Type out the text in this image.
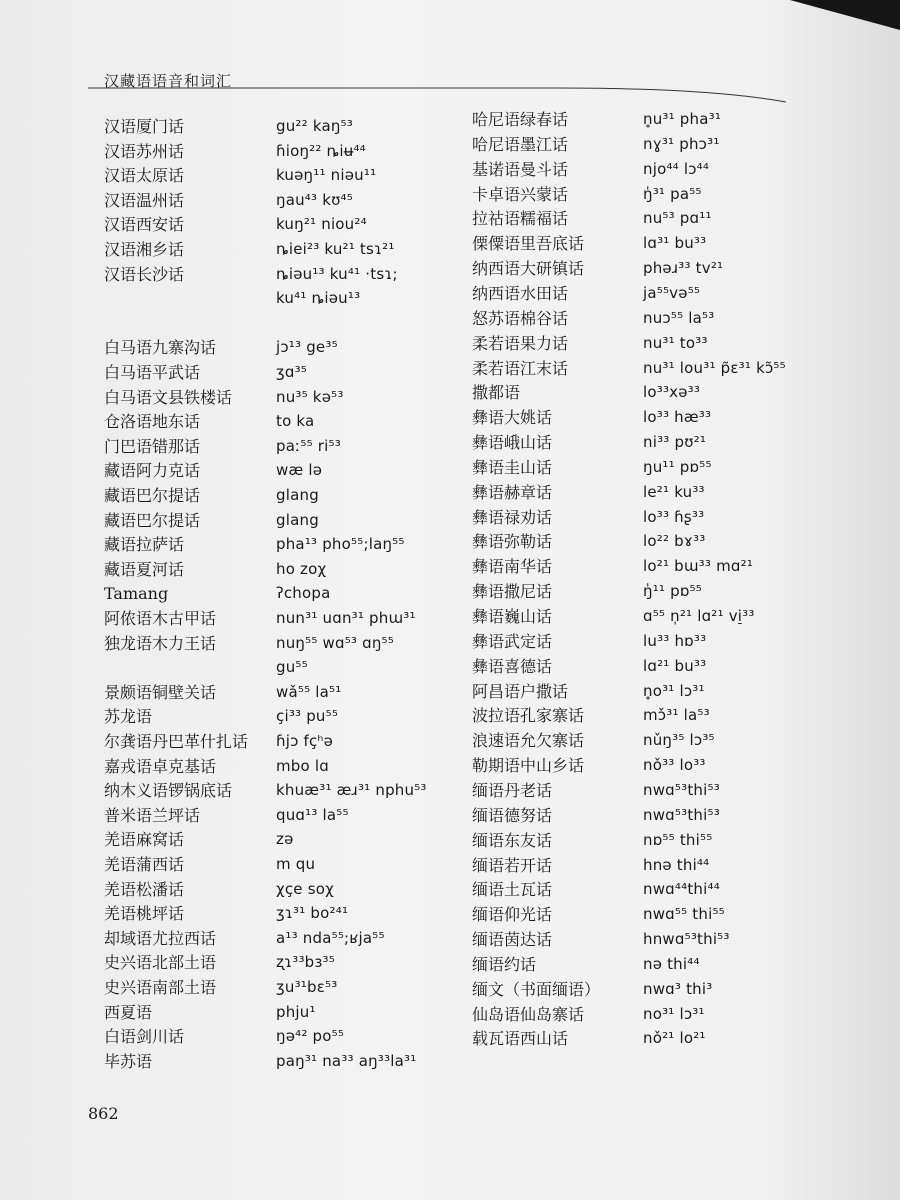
汉藏语语音和词汇
汉语厦门话	gu²² kaŋ⁵³
汉语苏州话	ɦioŋ²² ȵiʉ⁴⁴
汉语太原话	kuəŋ¹¹ niəu¹¹
汉语温州话	ŋau⁴³ kʊ⁴⁵
汉语西安话	kuŋ²¹ niou²⁴
汉语湘乡话	ȵiei²³ ku²¹ tsɿ²¹
汉语长沙话	ȵiəu¹³ ku⁴¹ ·tsɿ;
ku⁴¹ ȵiəu¹³
白马语九寨沟话	jɔ¹³ ge³⁵
白马语平武话	ʒɑ³⁵
白马语文县铁楼话	nu³⁵ kə⁵³
仓洛语地东话	to ka
门巴语错那话	paː⁵⁵ ri⁵³
藏语阿力克话	wæ lə
藏语巴尔提话	glang
藏语巴尔提话	glang
藏语拉萨话	pha¹³ pho⁵⁵;laŋ⁵⁵
藏语夏河话	ho zoχ
Tamang	ʔchopa
阿侬语木古甲话	nun³¹ uɑn³¹ phɯ³¹
独龙语木力王话	nuŋ⁵⁵ wɑ⁵³ ɑŋ⁵⁵
gu⁵⁵
景颇语铜壁关话	wǎ⁵⁵ la⁵¹
苏龙语	çi³³ pu⁵⁵
尔龚语丹巴革什扎话 ɦjɔ fçʰə
嘉戎语卓克基话	mbo lɑ
纳木义语锣锅底话	khuæ³¹ æɹ³¹ nphu⁵³
普米语兰坪话	quɑ¹³ la⁵⁵
羌语麻窝话	zə
羌语蒲西话	m qu
羌语松潘话	χçe soχ
羌语桃坪话	ʒɿ³¹ bo²⁴¹
却域语尤拉西话	a¹³ nda⁵⁵;ʁja⁵⁵
史兴语北部土语	ʐɿ³³bɜ³⁵
史兴语南部土语	ʒu³¹bɛ⁵³
西夏语	phju¹
白语剑川话	ŋə⁴² po⁵⁵
毕苏语	paŋ³¹ na³³ aŋ³³la³¹
哈尼语绿春话	n̥u³¹ pha³¹
哈尼语墨江话	nɣ³¹ phɔ³¹
基诺语曼斗话	njo⁴⁴ lɔ⁴⁴
卡卓语兴蒙话	ŋ̍³¹ pa⁵⁵
拉祜语糯福话	nu⁵³ pɑ¹¹
傈僳语里吾底话	lɑ³¹ bu³³
纳西语大研镇话	phəɹ³³ tv²¹
纳西语水田话	ja⁵⁵və⁵⁵
怒苏语棉谷话	nuɔ⁵⁵ la⁵³
柔若语果力话	nu³¹ to³³
柔若语江末话	nu³¹ lou³¹ p̃ɛ³¹ kɔ̃⁵⁵
撒都语	lo³³xə³³
彝语大姚话	lo³³ hæ³³
彝语峨山话	ni³³ pʊ²¹
彝语圭山话	ŋu¹¹ pɒ⁵⁵
彝语赫章话	le²¹ ku³³
彝语禄劝话	lo³³ ɦʂ³³
彝语弥勒话	lo²² bɤ³³
彝语南华话	lo²¹ bɯ³³ mɑ²¹
彝语撒尼话	ŋ̍¹¹ pɒ⁵⁵
彝语巍山话	ɑ⁵⁵ n̩²¹ lɑ²¹ vi̠³³
彝语武定话	lu³³ hɒ³³
彝语喜德话	lɑ²¹ bu³³
阿昌语户撒话	n̥o³¹ lɔ³¹
波拉语孔家寨话	mɔ̌³¹ la⁵³
浪速语允欠寨话	nǔŋ³⁵ lɔ³⁵
勒期语中山乡话	nǒ³³ lo³³
缅语丹老话	nwɑ⁵³thi⁵³
缅语德努话	nwɑ⁵³thi⁵³
缅语东友话	nɒ⁵⁵ thi⁵⁵
缅语若开话	hnə thi⁴⁴
缅语土瓦话	nwɑ⁴⁴thi⁴⁴
缅语仰光话	nwɑ⁵⁵ thi⁵⁵
缅语茵达话	hnwɑ⁵³thi⁵³
缅语约话	nə thi⁴⁴
缅文（书面缅语）	nwɑ³ thi³
仙岛语仙岛寨话	no³¹ lɔ³¹
载瓦语西山话	nǒ²¹ lo²¹
862
